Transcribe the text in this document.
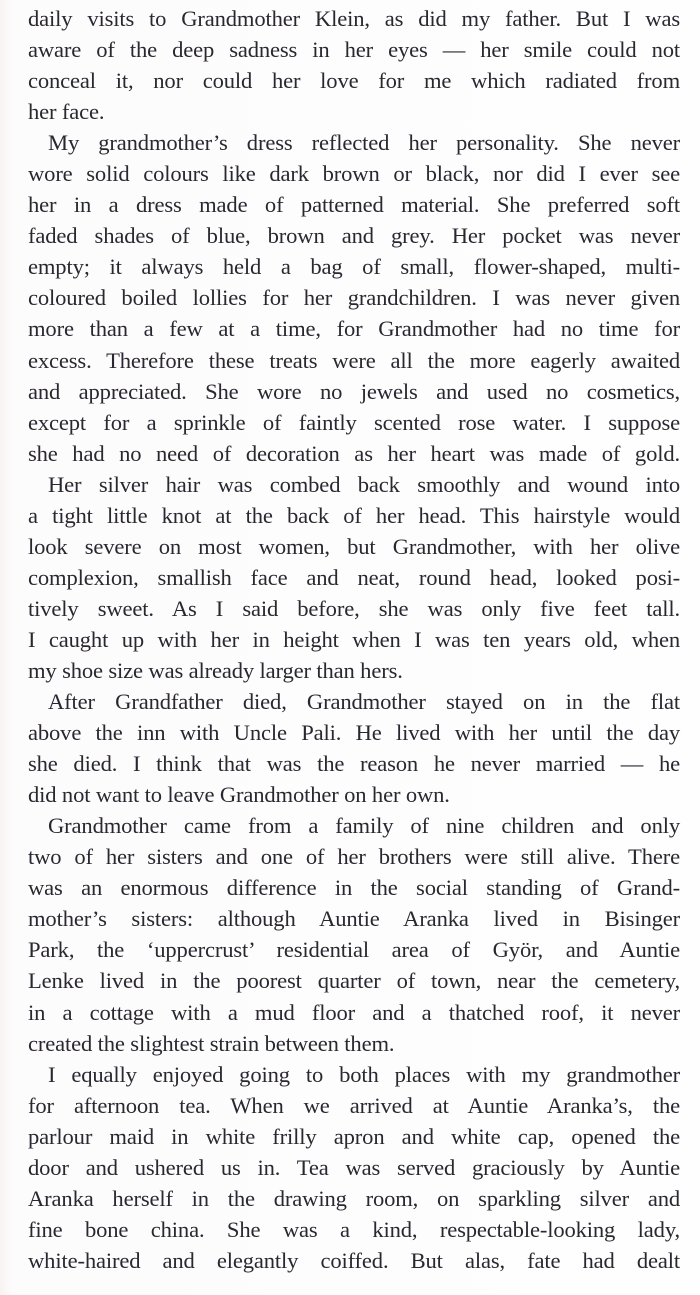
daily visits to Grandmother Klein, as did my father. But I was
aware of the deep sadness in her eyes — her smile could not
conceal it, nor could her love for me which radiated from
her face.
My grandmother’s dress reflected her personality. She never
wore solid colours like dark brown or black, nor did I ever see
her in a dress made of patterned material. She preferred soft
faded shades of blue, brown and grey. Her pocket was never
empty; it always held a bag of small, flower-shaped, multi-
coloured boiled lollies for her grandchildren. I was never given
more than a few at a time, for Grandmother had no time for
excess. Therefore these treats were all the more eagerly awaited
and appreciated. She wore no jewels and used no cosmetics,
except for a sprinkle of faintly scented rose water. I suppose
she had no need of decoration as her heart was made of gold.
Her silver hair was combed back smoothly and wound into
a tight little knot at the back of her head. This hairstyle would
look severe on most women, but Grandmother, with her olive
complexion, smallish face and neat, round head, looked posi-
tively sweet. As I said before, she was only five feet tall.
I caught up with her in height when I was ten years old, when
my shoe size was already larger than hers.
After Grandfather died, Grandmother stayed on in the flat
above the inn with Uncle Pali. He lived with her until the day
she died. I think that was the reason he never married — he
did not want to leave Grandmother on her own.
Grandmother came from a family of nine children and only
two of her sisters and one of her brothers were still alive. There
was an enormous difference in the social standing of Grand-
mother’s sisters: although Auntie Aranka lived in Bisinger
Park, the ‘uppercrust’ residential area of Györ, and Auntie
Lenke lived in the poorest quarter of town, near the cemetery,
in a cottage with a mud floor and a thatched roof, it never
created the slightest strain between them.
I equally enjoyed going to both places with my grandmother
for afternoon tea. When we arrived at Auntie Aranka’s, the
parlour maid in white frilly apron and white cap, opened the
door and ushered us in. Tea was served graciously by Auntie
Aranka herself in the drawing room, on sparkling silver and
fine bone china. She was a kind, respectable-looking lady,
white-haired and elegantly coiffed. But alas, fate had dealt
